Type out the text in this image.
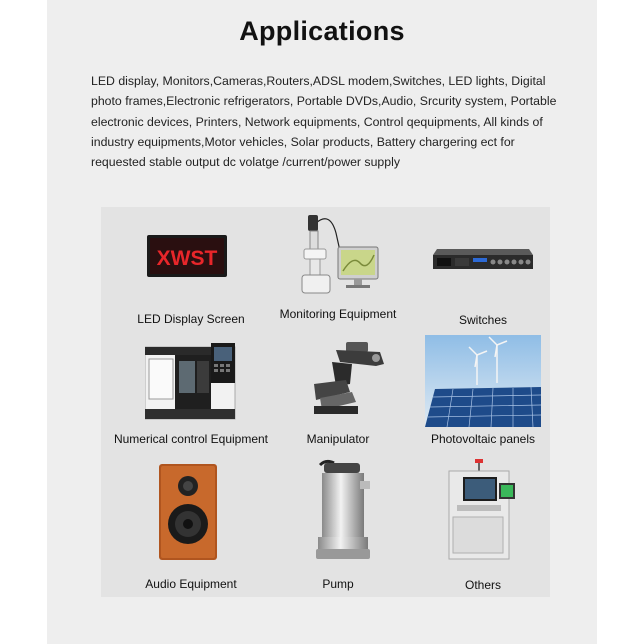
Applications
LED display, Monitors,Cameras,Routers,ADSL modem,Switches, LED lights, Digital photo frames,Electronic refrigerators, Portable DVDs,Audio, Srcurity system, Portable electronic devices, Printers, Network equipments, Control qequipments, All kinds of industry equipments,Motor vehicles, Solar products, Battery chargering ect for requested stable output dc volatge /current/power supply
XWST
LED Display Screen	Monitoring Equipment	Switches
Numerical control Equipment	Manipulator	Photovoltaic panels
Audio Equipment	Pump	Others
